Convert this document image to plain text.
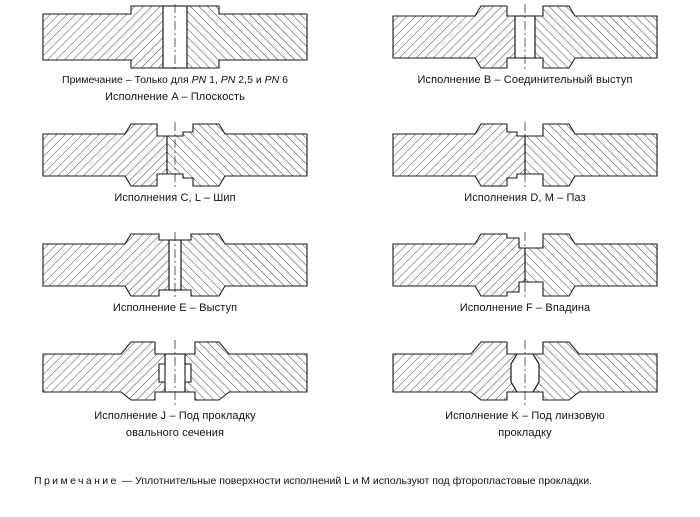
Примечание – Только для PN 1, PN 2,5 и PN 6
Исполнение A – Плоскость
Исполнение B – Соединительный выступ
Исполнения C, L – Шип	Исполнения D, M – Паз
Исполнение E – Выступ	Исполнение F – Впадина
Исполнение J – Под прокладку
овального сечения
Исполнение K – Под линзовую
прокладку
Примечание — Уплотнительные поверхности исполнений L и M используют под фторопластовые прокладки.
